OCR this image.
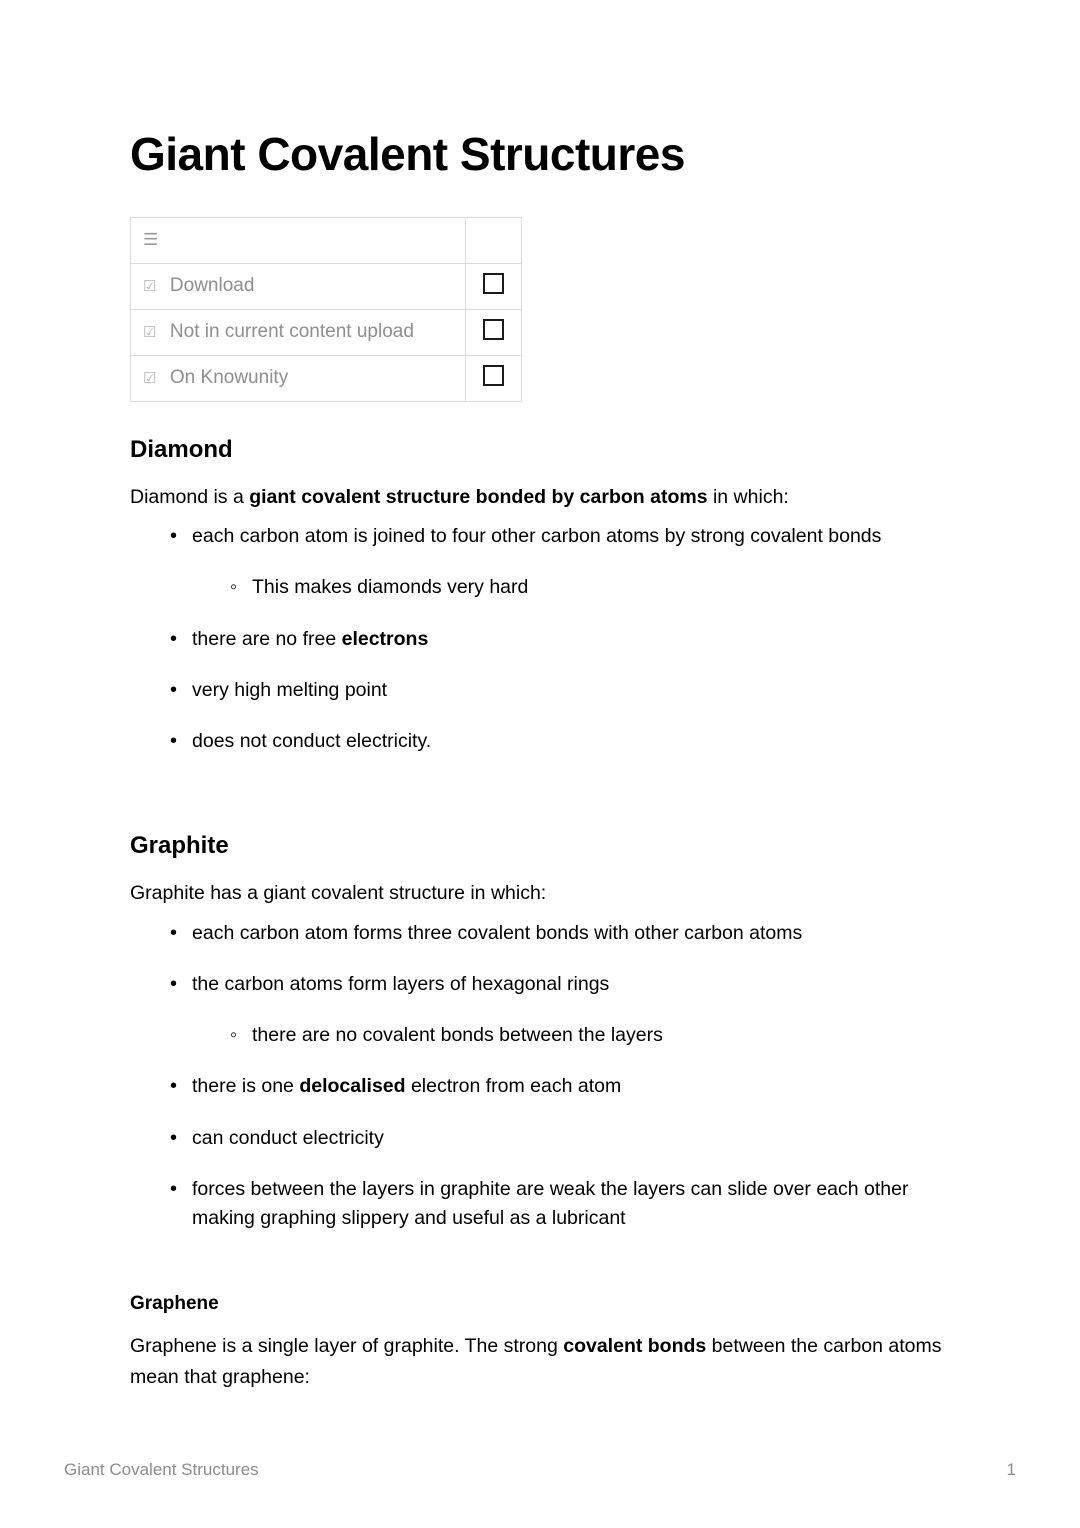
Giant Covalent Structures
☰	
☑ Download	
☑ Not in current content upload	
☑ On Knowunity	
Diamond

Diamond is a giant covalent structure bonded by carbon atoms in which:

• each carbon atom is joined to four other carbon atoms by strong covalent bonds
◦ This makes diamonds very hard
• there are no free electrons
• very high melting point
• does not conduct electricity.
Graphite

Graphite has a giant covalent structure in which:

• each carbon atom forms three covalent bonds with other carbon atoms
• the carbon atoms form layers of hexagonal rings
◦ there are no covalent bonds between the layers
• there is one delocalised electron from each atom
• can conduct electricity
• forces between the layers in graphite are weak the layers can slide over each other making graphing slippery and useful as a lubricant
Graphene

Graphene is a single layer of graphite. The strong covalent bonds between the carbon atoms mean that graphene:

Giant Covalent Structures	1
